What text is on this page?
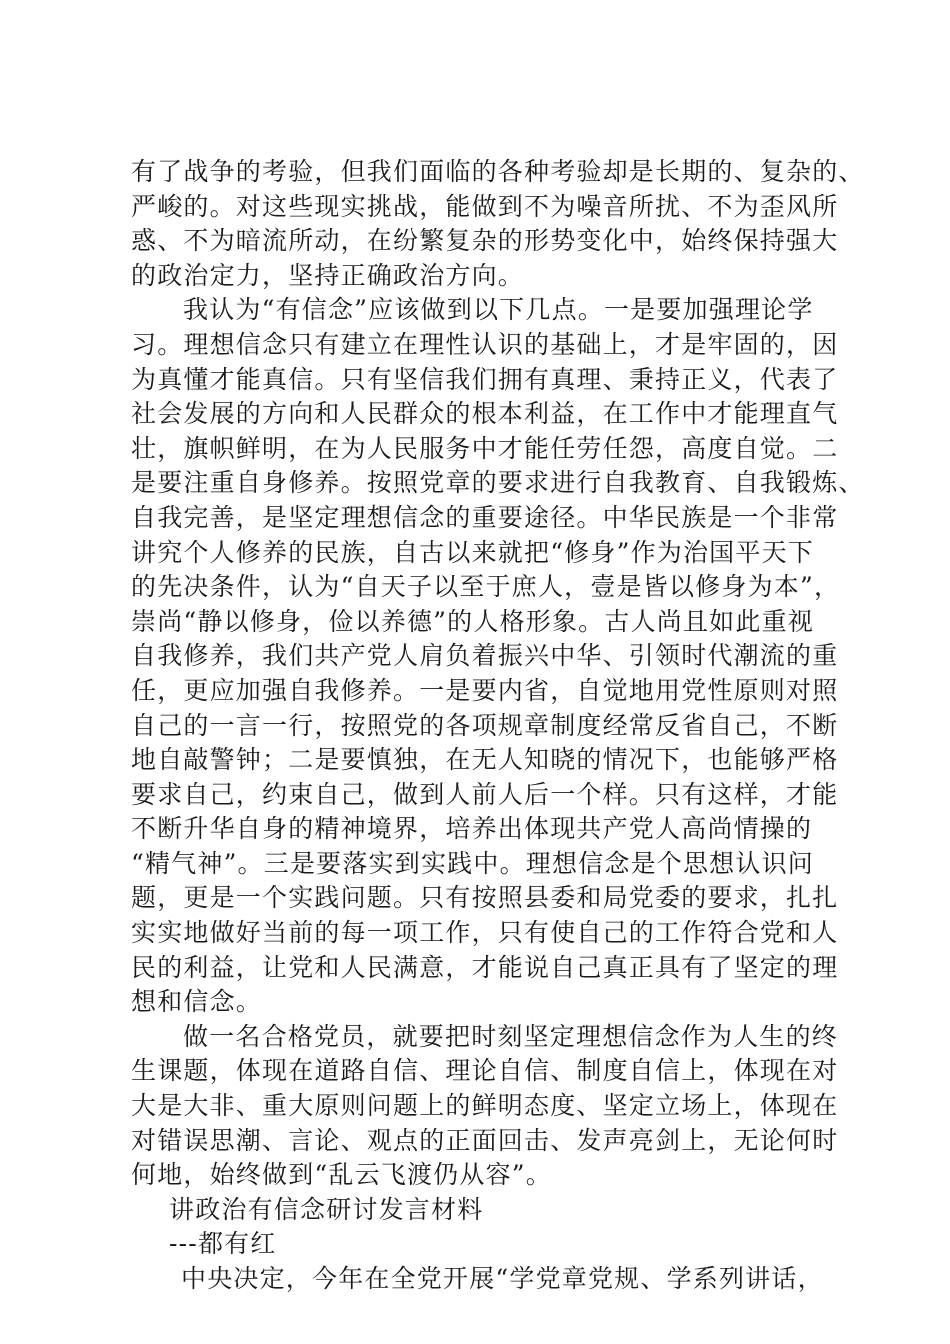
有了战争的考验，但我们面临的各种考验却是长期的、复杂的、
严峻的。对这些现实挑战，能做到不为噪音所扰、不为歪风所
惑、不为暗流所动，在纷繁复杂的形势变化中，始终保持强大
的政治定力，坚持正确政治方向。
我认为“有信念”应该做到以下几点。一是要加强理论学
习。理想信念只有建立在理性认识的基础上，才是牢固的，因
为真懂才能真信。只有坚信我们拥有真理、秉持正义，代表了
社会发展的方向和人民群众的根本利益，在工作中才能理直气
壮，旗帜鲜明，在为人民服务中才能任劳任怨，高度自觉。二
是要注重自身修养。按照党章的要求进行自我教育、自我锻炼、
自我完善，是坚定理想信念的重要途径。中华民族是一个非常
讲究个人修养的民族，自古以来就把“修身”作为治国平天下
的先决条件，认为“自天子以至于庶人，壹是皆以修身为本”，
崇尚“静以修身，俭以养德”的人格形象。古人尚且如此重视
自我修养，我们共产党人肩负着振兴中华、引领时代潮流的重
任，更应加强自我修养。一是要内省，自觉地用党性原则对照
自己的一言一行，按照党的各项规章制度经常反省自己，不断
地自敲警钟；二是要慎独，在无人知晓的情况下，也能够严格
要求自己，约束自己，做到人前人后一个样。只有这样，才能
不断升华自身的精神境界，培养出体现共产党人高尚情操的
“精气神”。三是要落实到实践中。理想信念是个思想认识问
题，更是一个实践问题。只有按照县委和局党委的要求，扎扎
实实地做好当前的每一项工作，只有使自己的工作符合党和人
民的利益，让党和人民满意，才能说自己真正具有了坚定的理
想和信念。
做一名合格党员，就要把时刻坚定理想信念作为人生的终
生课题，体现在道路自信、理论自信、制度自信上，体现在对
大是大非、重大原则问题上的鲜明态度、坚定立场上，体现在
对错误思潮、言论、观点的正面回击、发声亮剑上，无论何时
何地，始终做到“乱云飞渡仍从容”。
讲政治有信念研讨发言材料
---都有红
中央决定，今年在全党开展“学党章党规、学系列讲话，
